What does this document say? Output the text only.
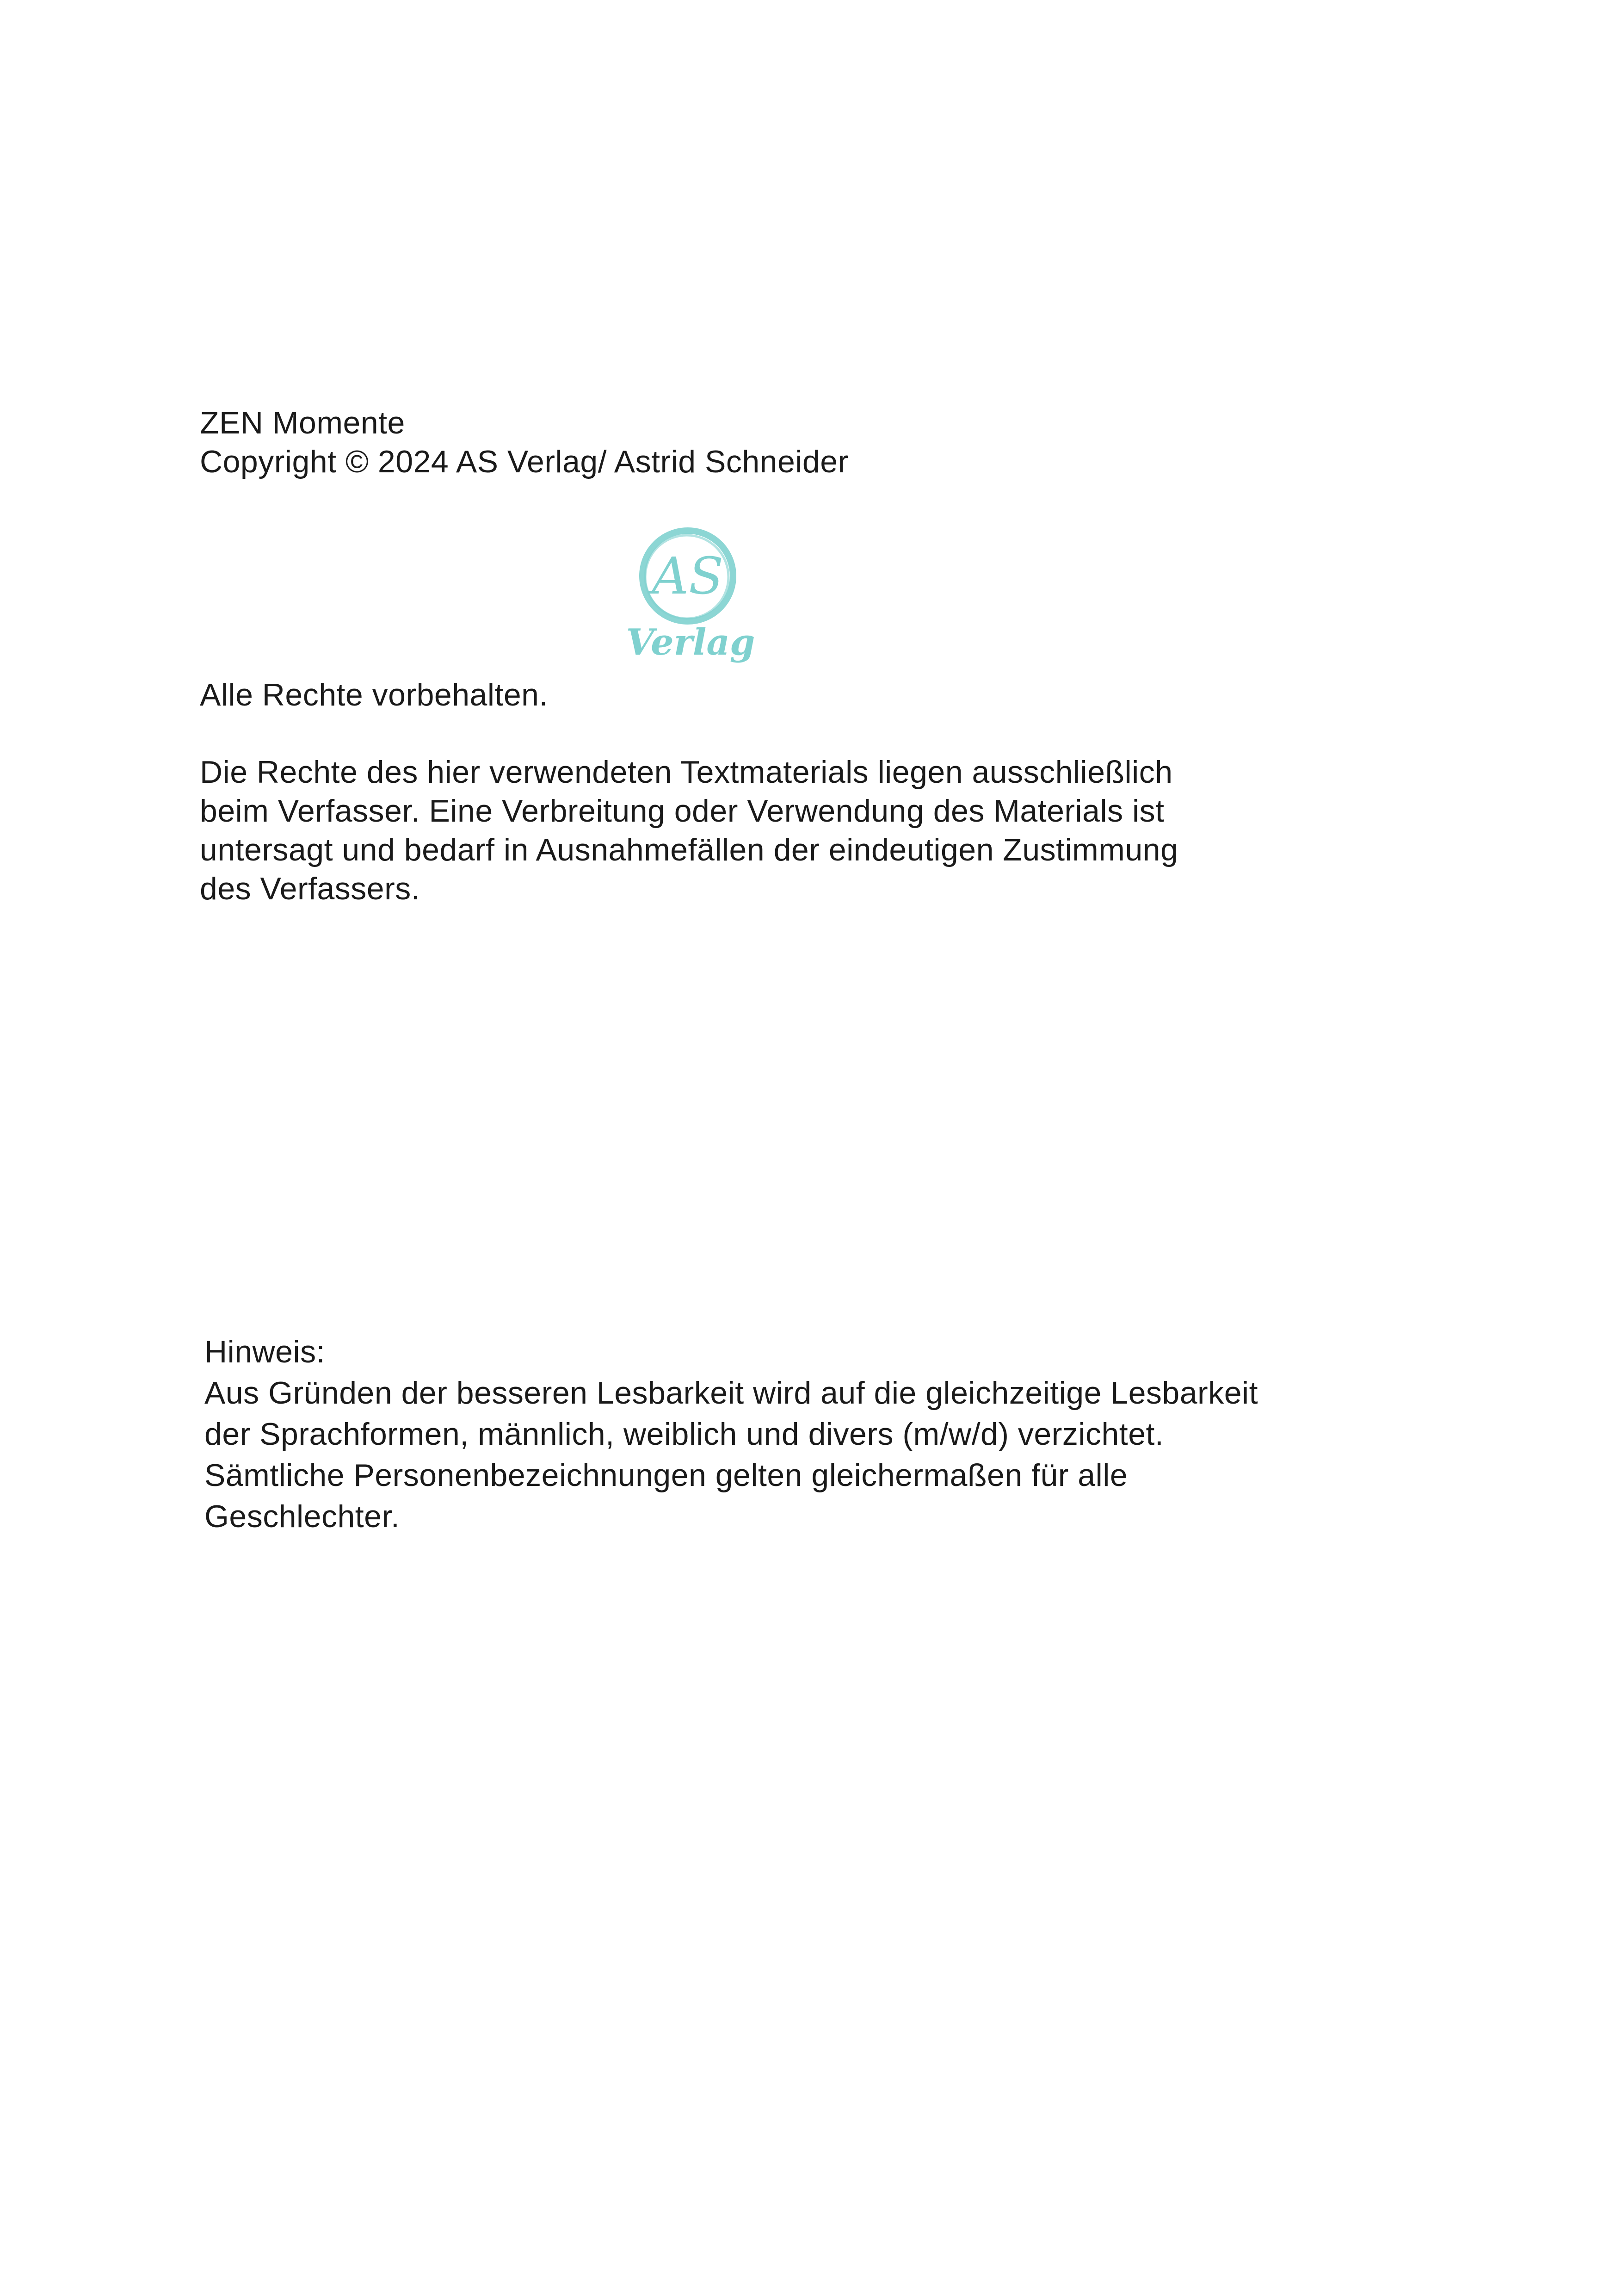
ZEN Momente
Copyright © 2024 AS Verlag/ Astrid Schneider
AS
Verlag
Alle Rechte vorbehalten.
Die Rechte des hier verwendeten Textmaterials liegen ausschließlich
beim Verfasser. Eine Verbreitung oder Verwendung des Materials ist
untersagt und bedarf in Ausnahmefällen der eindeutigen Zustimmung
des Verfassers.
Hinweis:
Aus Gründen der besseren Lesbarkeit wird auf die gleichzeitige Lesbarkeit
der Sprachformen, männlich, weiblich und divers (m/w/d) verzichtet.
Sämtliche Personenbezeichnungen gelten gleichermaßen für alle
Geschlechter.
